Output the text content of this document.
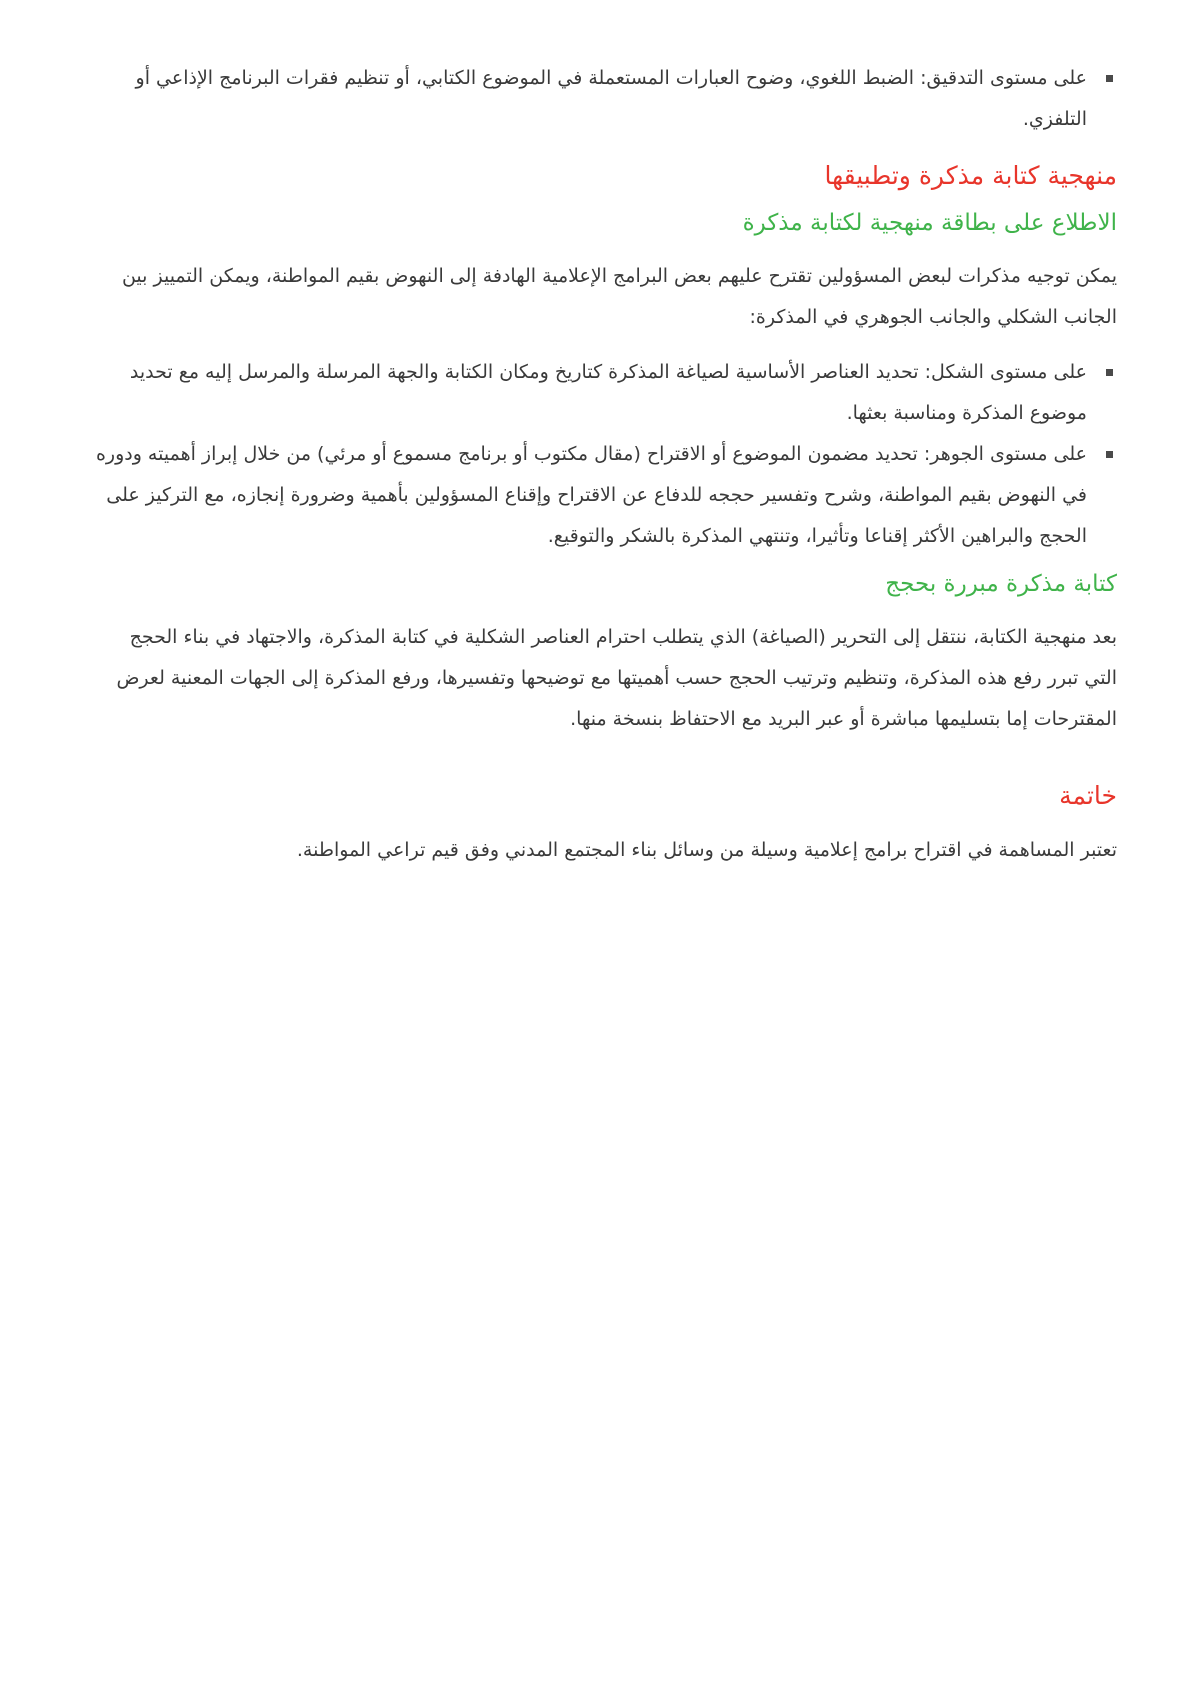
على مستوى التدقيق: الضبط اللغوي، وضوح العبارات المستعملة في الموضوع الكتابي، أو تنظيم فقرات البرنامج الإذاعي أو التلفزي.
منهجية كتابة مذكرة وتطبيقها
الاطلاع على بطاقة منهجية لكتابة مذكرة

يمكن توجيه مذكرات لبعض المسؤولين تقترح عليهم بعض البرامج الإعلامية الهادفة إلى النهوض بقيم المواطنة، ويمكن التمييز بين الجانب الشكلي والجانب الجوهري في المذكرة:

على مستوى الشكل: تحديد العناصر الأساسية لصياغة المذكرة كتاريخ ومكان الكتابة والجهة المرسلة والمرسل إليه مع تحديد موضوع المذكرة ومناسبة بعثها.
على مستوى الجوهر: تحديد مضمون الموضوع أو الاقتراح (مقال مكتوب أو برنامج مسموع أو مرئي) من خلال إبراز أهميته ودوره في النهوض بقيم المواطنة، وشرح وتفسير حججه للدفاع عن الاقتراح وإقناع المسؤولين بأهمية وضرورة إنجازه، مع التركيز على الحجج والبراهين الأكثر إقناعا وتأثيرا، وتنتهي المذكرة بالشكر والتوقيع.
كتابة مذكرة مبررة بحجج

بعد منهجية الكتابة، ننتقل إلى التحرير (الصياغة) الذي يتطلب احترام العناصر الشكلية في كتابة المذكرة، والاجتهاد في بناء الحجج التي تبرر رفع هذه المذكرة، وتنظيم وترتيب الحجج حسب أهميتها مع توضيحها وتفسيرها، ورفع المذكرة إلى الجهات المعنية لعرض المقترحات إما بتسليمها مباشرة أو عبر البريد مع الاحتفاظ بنسخة منها.

خاتمة

تعتبر المساهمة في اقتراح برامج إعلامية وسيلة من وسائل بناء المجتمع المدني وفق قيم تراعي المواطنة.
